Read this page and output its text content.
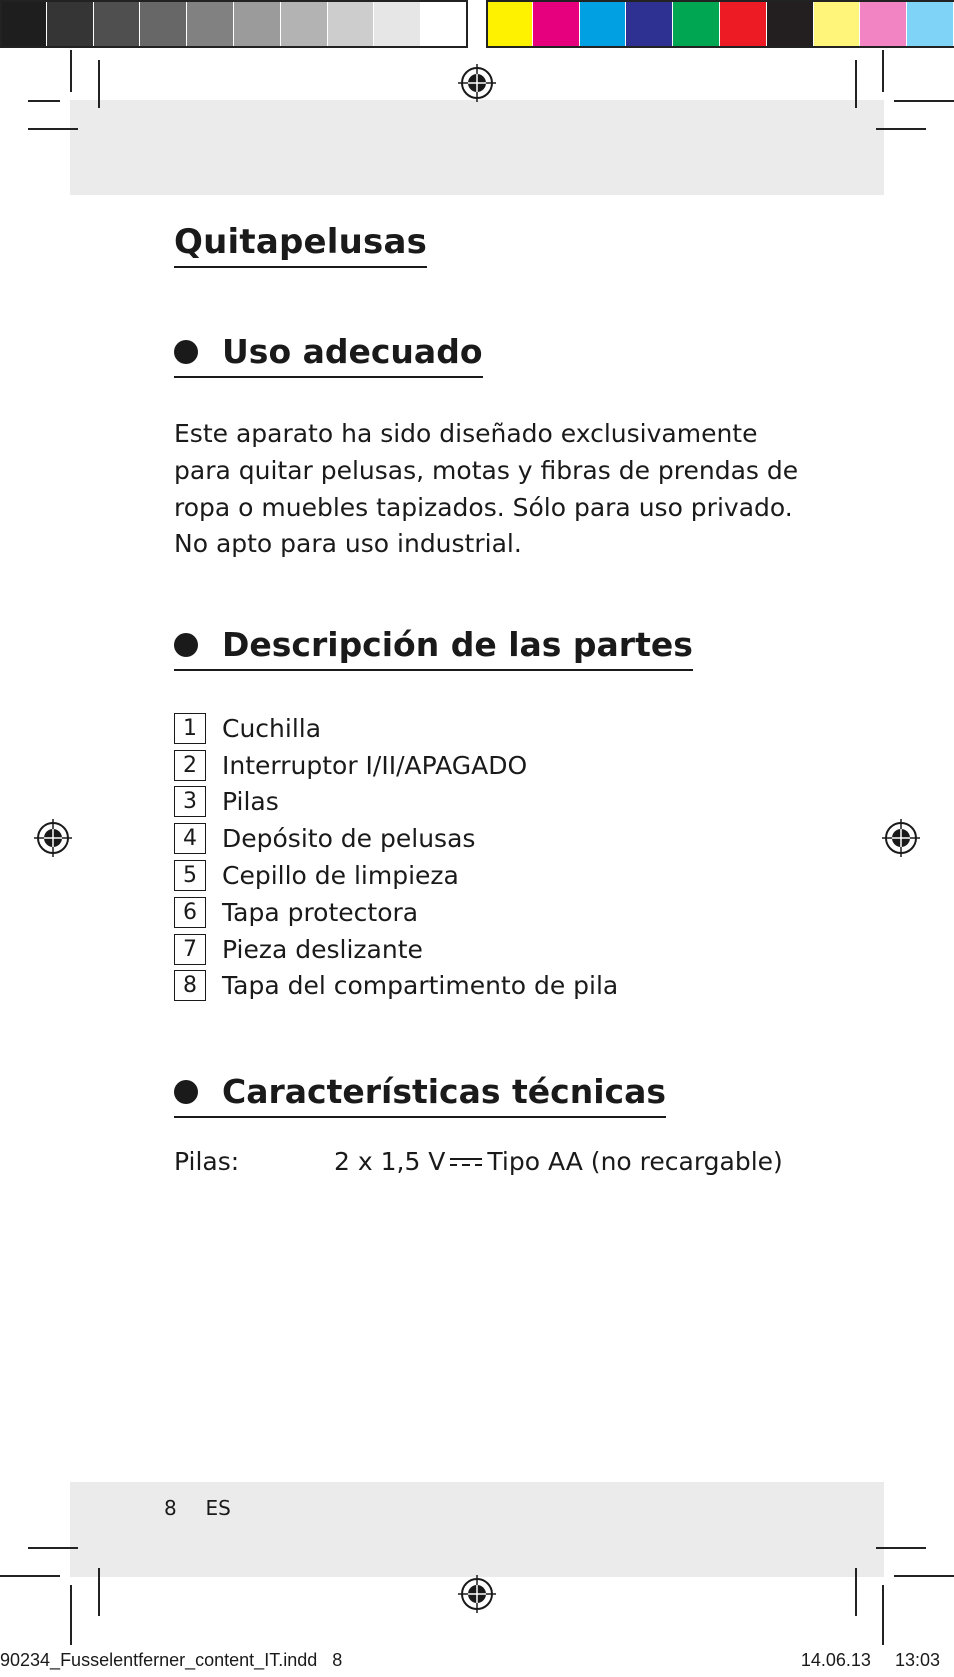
Quitapelusas
Uso adecuado
Este aparato ha sido diseñado exclusivamente para quitar pelusas, motas y fibras de prendas de ropa o muebles tapizados. Sólo para uso privado. No apto para uso industrial.
Descripción de las partes
1	Cuchilla
2	Interruptor I/II/APAGADO
3	Pilas
4	Depósito de pelusas
5	Cepillo de limpieza
6	Tapa protectora
7	Pieza deslizante
8	Tapa del compartimento de pila
Características técnicas
Pilas:	2 x 1,5 V Tipo AA (no recargable)
8 ES
90234_Fusselentferner_content_IT.indd   8	14.06.13 13:03
